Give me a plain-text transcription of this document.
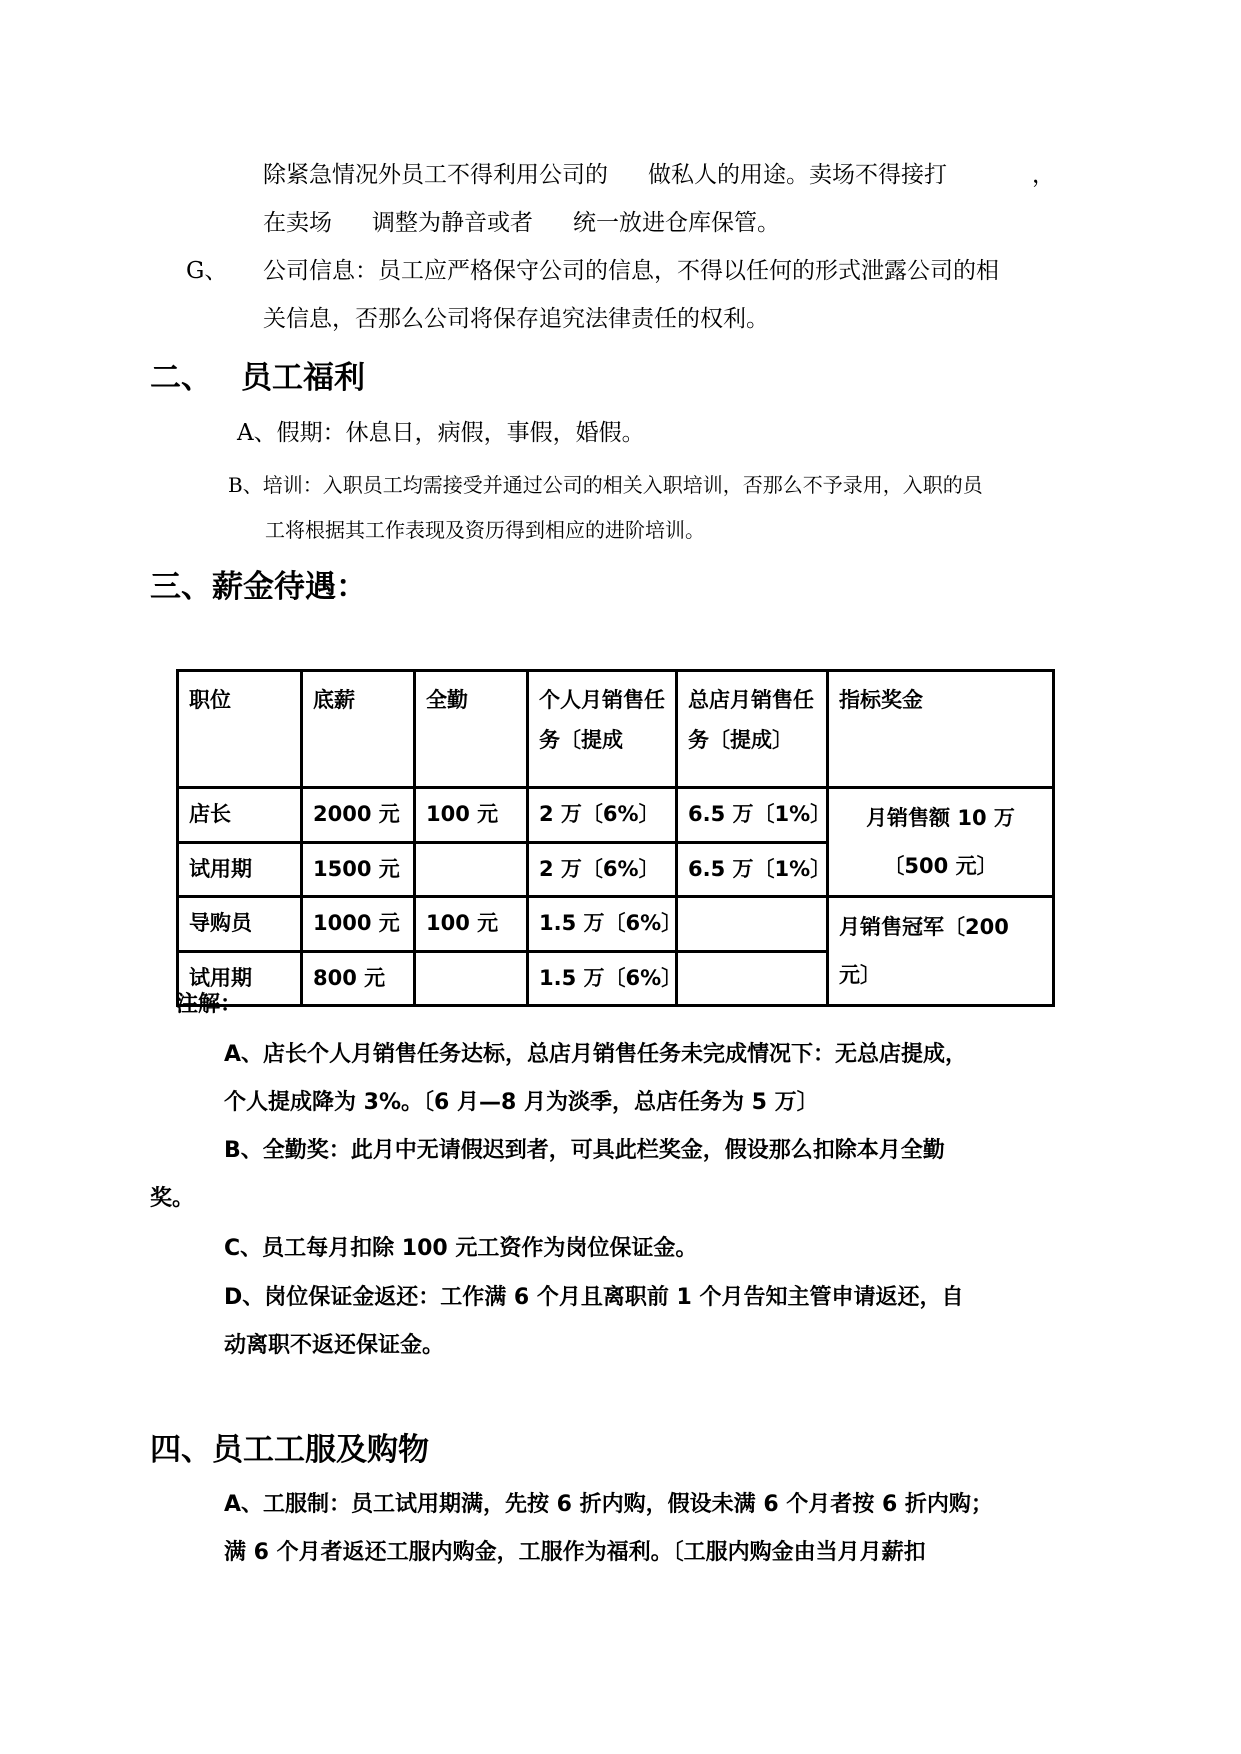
除紧急情况外员工不得利用公司的 做私人的用途。卖场不得接打	，
在卖场 调整为静音或者 统一放进仓库保管。
G、 公司信息：员工应严格保守公司的信息，不得以任何的形式泄露公司的相
关信息，否那么公司将保存追究法律责任的权利。
二、 员工福利
A、假期：休息日，病假，事假，婚假。
B、培训：入职员工均需接受并通过公司的相关入职培训，否那么不予录用，入职的员
工将根据其工作表现及资历得到相应的进阶培训。
三、薪金待遇：
职位	底薪	全勤	个人月销售任务〔提成	总店月销售任务〔提成〕	指标奖金
店长	2000 元	100 元	2 万〔6%〕	6.5 万〔1%〕	月销售额 10 万〔500 元〕
试用期	1500 元		2 万〔6%〕	6.5 万〔1%〕	
导购员	1000 元	100 元	1.5 万〔6%〕		月销售冠军〔200 元〕
试用期	800 元		1.5 万〔6%〕		
注解：
A、店长个人月销售任务达标，总店月销售任务未完成情况下：无总店提成，
个人提成降为 3%。〔6 月—8 月为淡季，总店任务为 5 万〕
B、全勤奖：此月中无请假迟到者，可具此栏奖金，假设那么扣除本月全勤
奖。
C、员工每月扣除 100 元工资作为岗位保证金。
D、岗位保证金返还：工作满 6 个月且离职前 1 个月告知主管申请返还，自
动离职不返还保证金。
四、员工工服及购物
A、工服制：员工试用期满，先按 6 折内购，假设未满 6 个月者按 6 折内购；
满 6 个月者返还工服内购金，工服作为福利。〔工服内购金由当月月薪扣
